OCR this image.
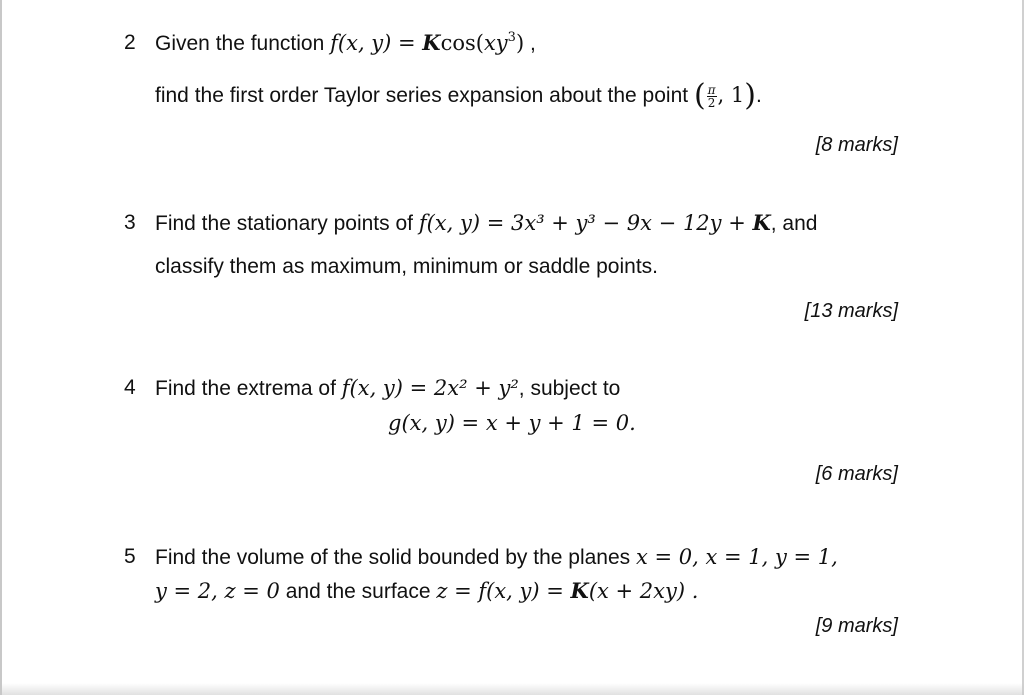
2 Given the function f(x, $y) = Kcos(xy^3)$ ,
find the first order Taylor series expansion about the point ( $\frac{\pi}{2}$ , 1).
[8 marks]
3 Find the stationary points of f(x, y) = 3x³ + y³ − 9x − 12y + K, and
classify them as maximum, minimum or saddle points.
[13 marks]
4 Find the extrema of f(x, y) = 2x² + y², subject to
g(x, y) = x + y + 1 = 0.
[6 marks]
5 Find the volume of the solid bounded by the planes x = 0, x = 1, y = 1,
y = 2, z = 0 and the surface z = f(x, y) = K(x + 2xy) .
[9 marks]
